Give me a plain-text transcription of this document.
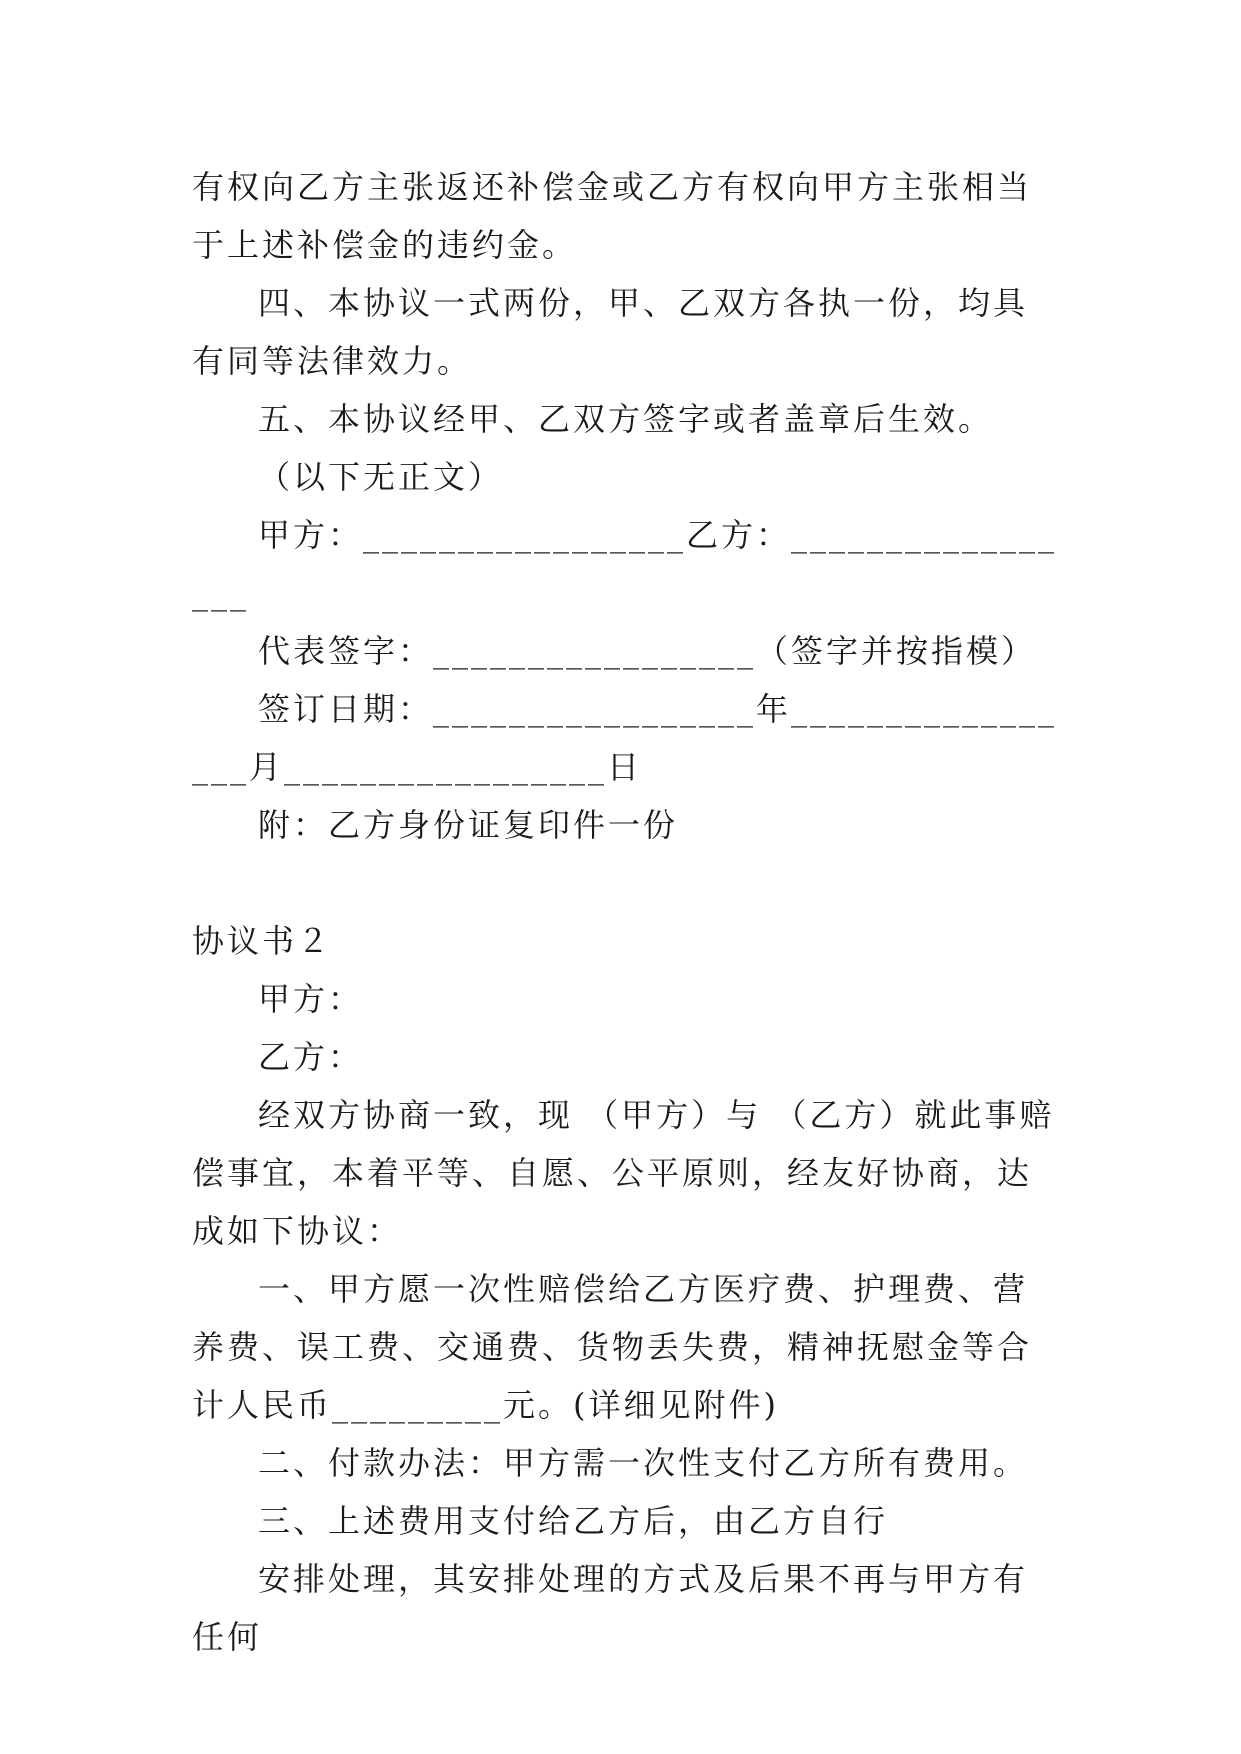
有权向乙方主张返还补偿金或乙方有权向甲方主张相当于上述补偿金的违约金。

四、本协议一式两份，甲、乙双方各执一份，均具有同等法律效力。

五、本协议经甲、乙双方签字或者盖章后生效。

（以下无正文）

甲方：_________________乙方：_________________

代表签字：_________________（签字并按指模）

签订日期：_________________年_________________月_________________日

附：乙方身份证复印件一份

协议书２

甲方：

乙方：

经双方协商一致，现 （甲方）与 （乙方）就此事赔偿事宜，本着平等、自愿、公平原则，经友好协商，达成如下协议：

一、甲方愿一次性赔偿给乙方医疗费、护理费、营养费、误工费、交通费、货物丢失费，精神抚慰金等合计人民币_________元。(详细见附件)

二、付款办法：甲方需一次性支付乙方所有费用。

三、上述费用支付给乙方后，由乙方自行

安排处理，其安排处理的方式及后果不再与甲方有任何
